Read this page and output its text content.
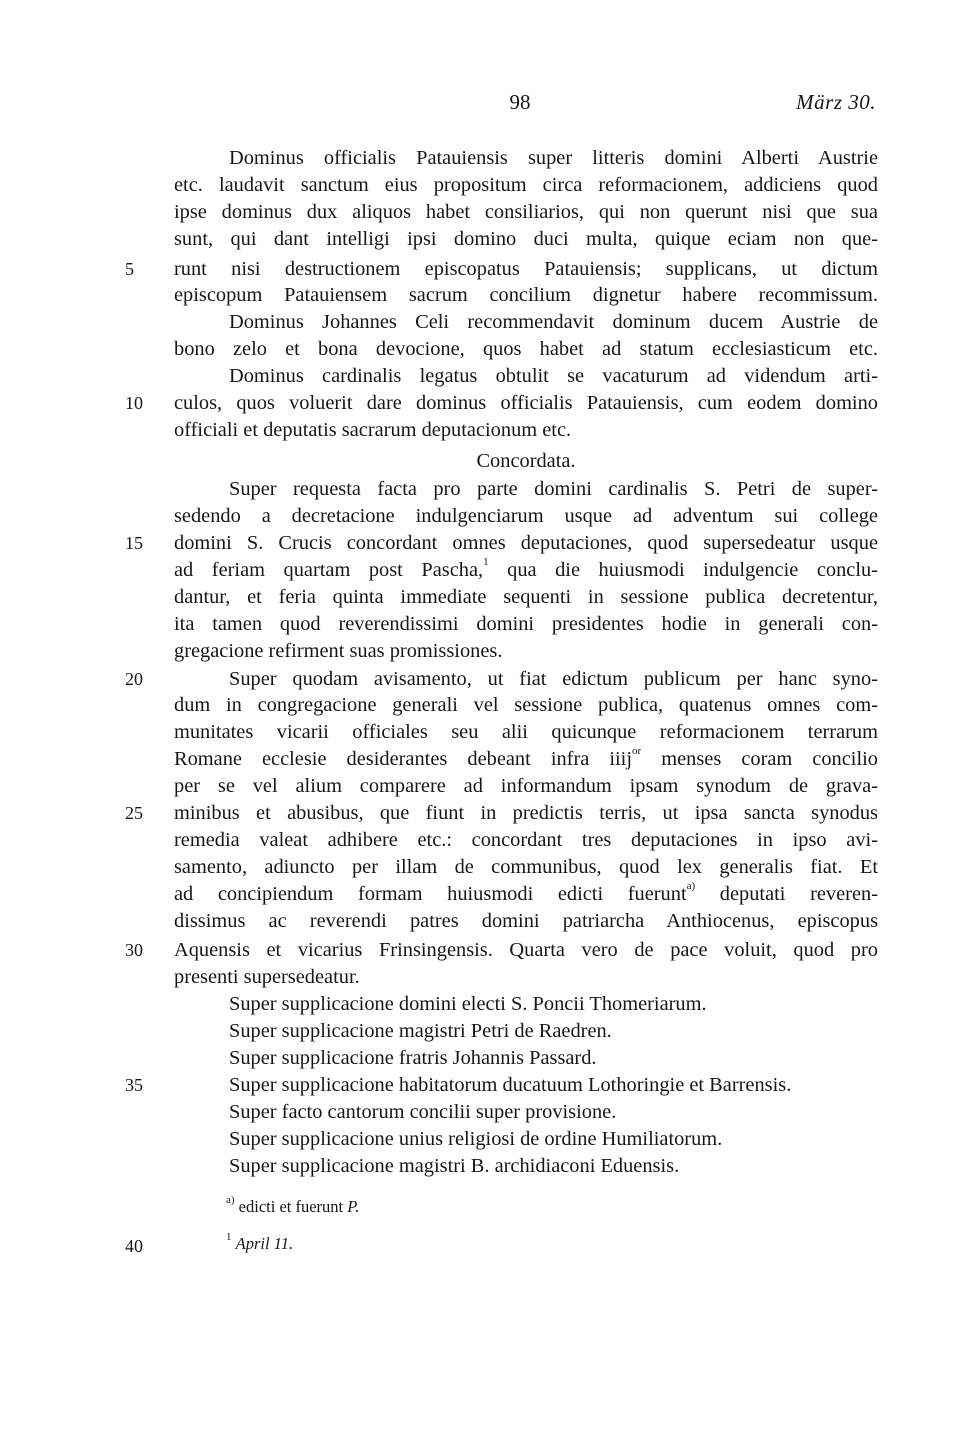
98	März 30.
5
10
15
20
25
30
35
40
Dominus officialis Patauiensis super litteris domini Alberti Austrie
etc. laudavit sanctum eius propositum circa reformacionem, addiciens quod
ipse dominus dux aliquos habet consiliarios, qui non querunt nisi que sua
sunt, qui dant intelligi ipsi domino duci multa, quique eciam non que-
runt nisi destructionem episcopatus Patauiensis; supplicans, ut dictum
episcopum Patauiensem sacrum concilium dignetur habere recommissum.
Dominus Johannes Celi recommendavit dominum ducem Austrie de
bono zelo et bona devocione, quos habet ad statum ecclesiasticum etc.
Dominus cardinalis legatus obtulit se vacaturum ad videndum arti-
culos, quos voluerit dare dominus officialis Patauiensis, cum eodem domino
officiali et deputatis sacrarum deputacionum etc.
Concordata.
Super requesta facta pro parte domini cardinalis S. Petri de super-
sedendo a decretacione indulgenciarum usque ad adventum sui college
domini S. Crucis concordant omnes deputaciones, quod supersedeatur usque
ad feriam quartam post Pascha,$^1$ qua die huiusmodi indulgencie conclu-
dantur, et feria quinta immediate sequenti in sessione publica decretentur,
ita tamen quod reverendissimi domini presidentes hodie in generali con-
gregacione refirment suas promissiones.
Super quodam avisamento, ut fiat edictum publicum per hanc syno-
dum in congregacione generali vel sessione publica, quatenus omnes com-
munitates vicarii officiales seu alii quicunque reformacionem terrarum
Romane ecclesie desiderantes debeant infra iiij$^{or}$ menses coram concilio
per se vel alium comparere ad informandum ipsam synodum de grava-
minibus et abusibus, que fiunt in predictis terris, ut ipsa sancta synodus
remedia valeat adhibere etc.: concordant tres deputaciones in ipso avi-
samento, adiuncto per illam de communibus, quod lex generalis fiat. Et
ad concipiendum formam huiusmodi edicti fuerunt$^{a)}$ deputati reveren-
dissimus ac reverendi patres domini patriarcha Anthiocenus, episcopus
Aquensis et vicarius Frinsingensis. Quarta vero de pace voluit, quod pro
presenti supersedeatur.
Super supplicacione domini electi S. Poncii Thomeriarum.
Super supplicacione magistri Petri de Raedren.
Super supplicacione fratris Johannis Passard.
Super supplicacione habitatorum ducatuum Lothoringie et Barrensis.
Super facto cantorum concilii super provisione.
Super supplicacione unius religiosi de ordine Humiliatorum.
Super supplicacione magistri B. archidiaconi Eduensis.
$^{a)}$ edicti et fuerunt P.
$^1$ April 11.
